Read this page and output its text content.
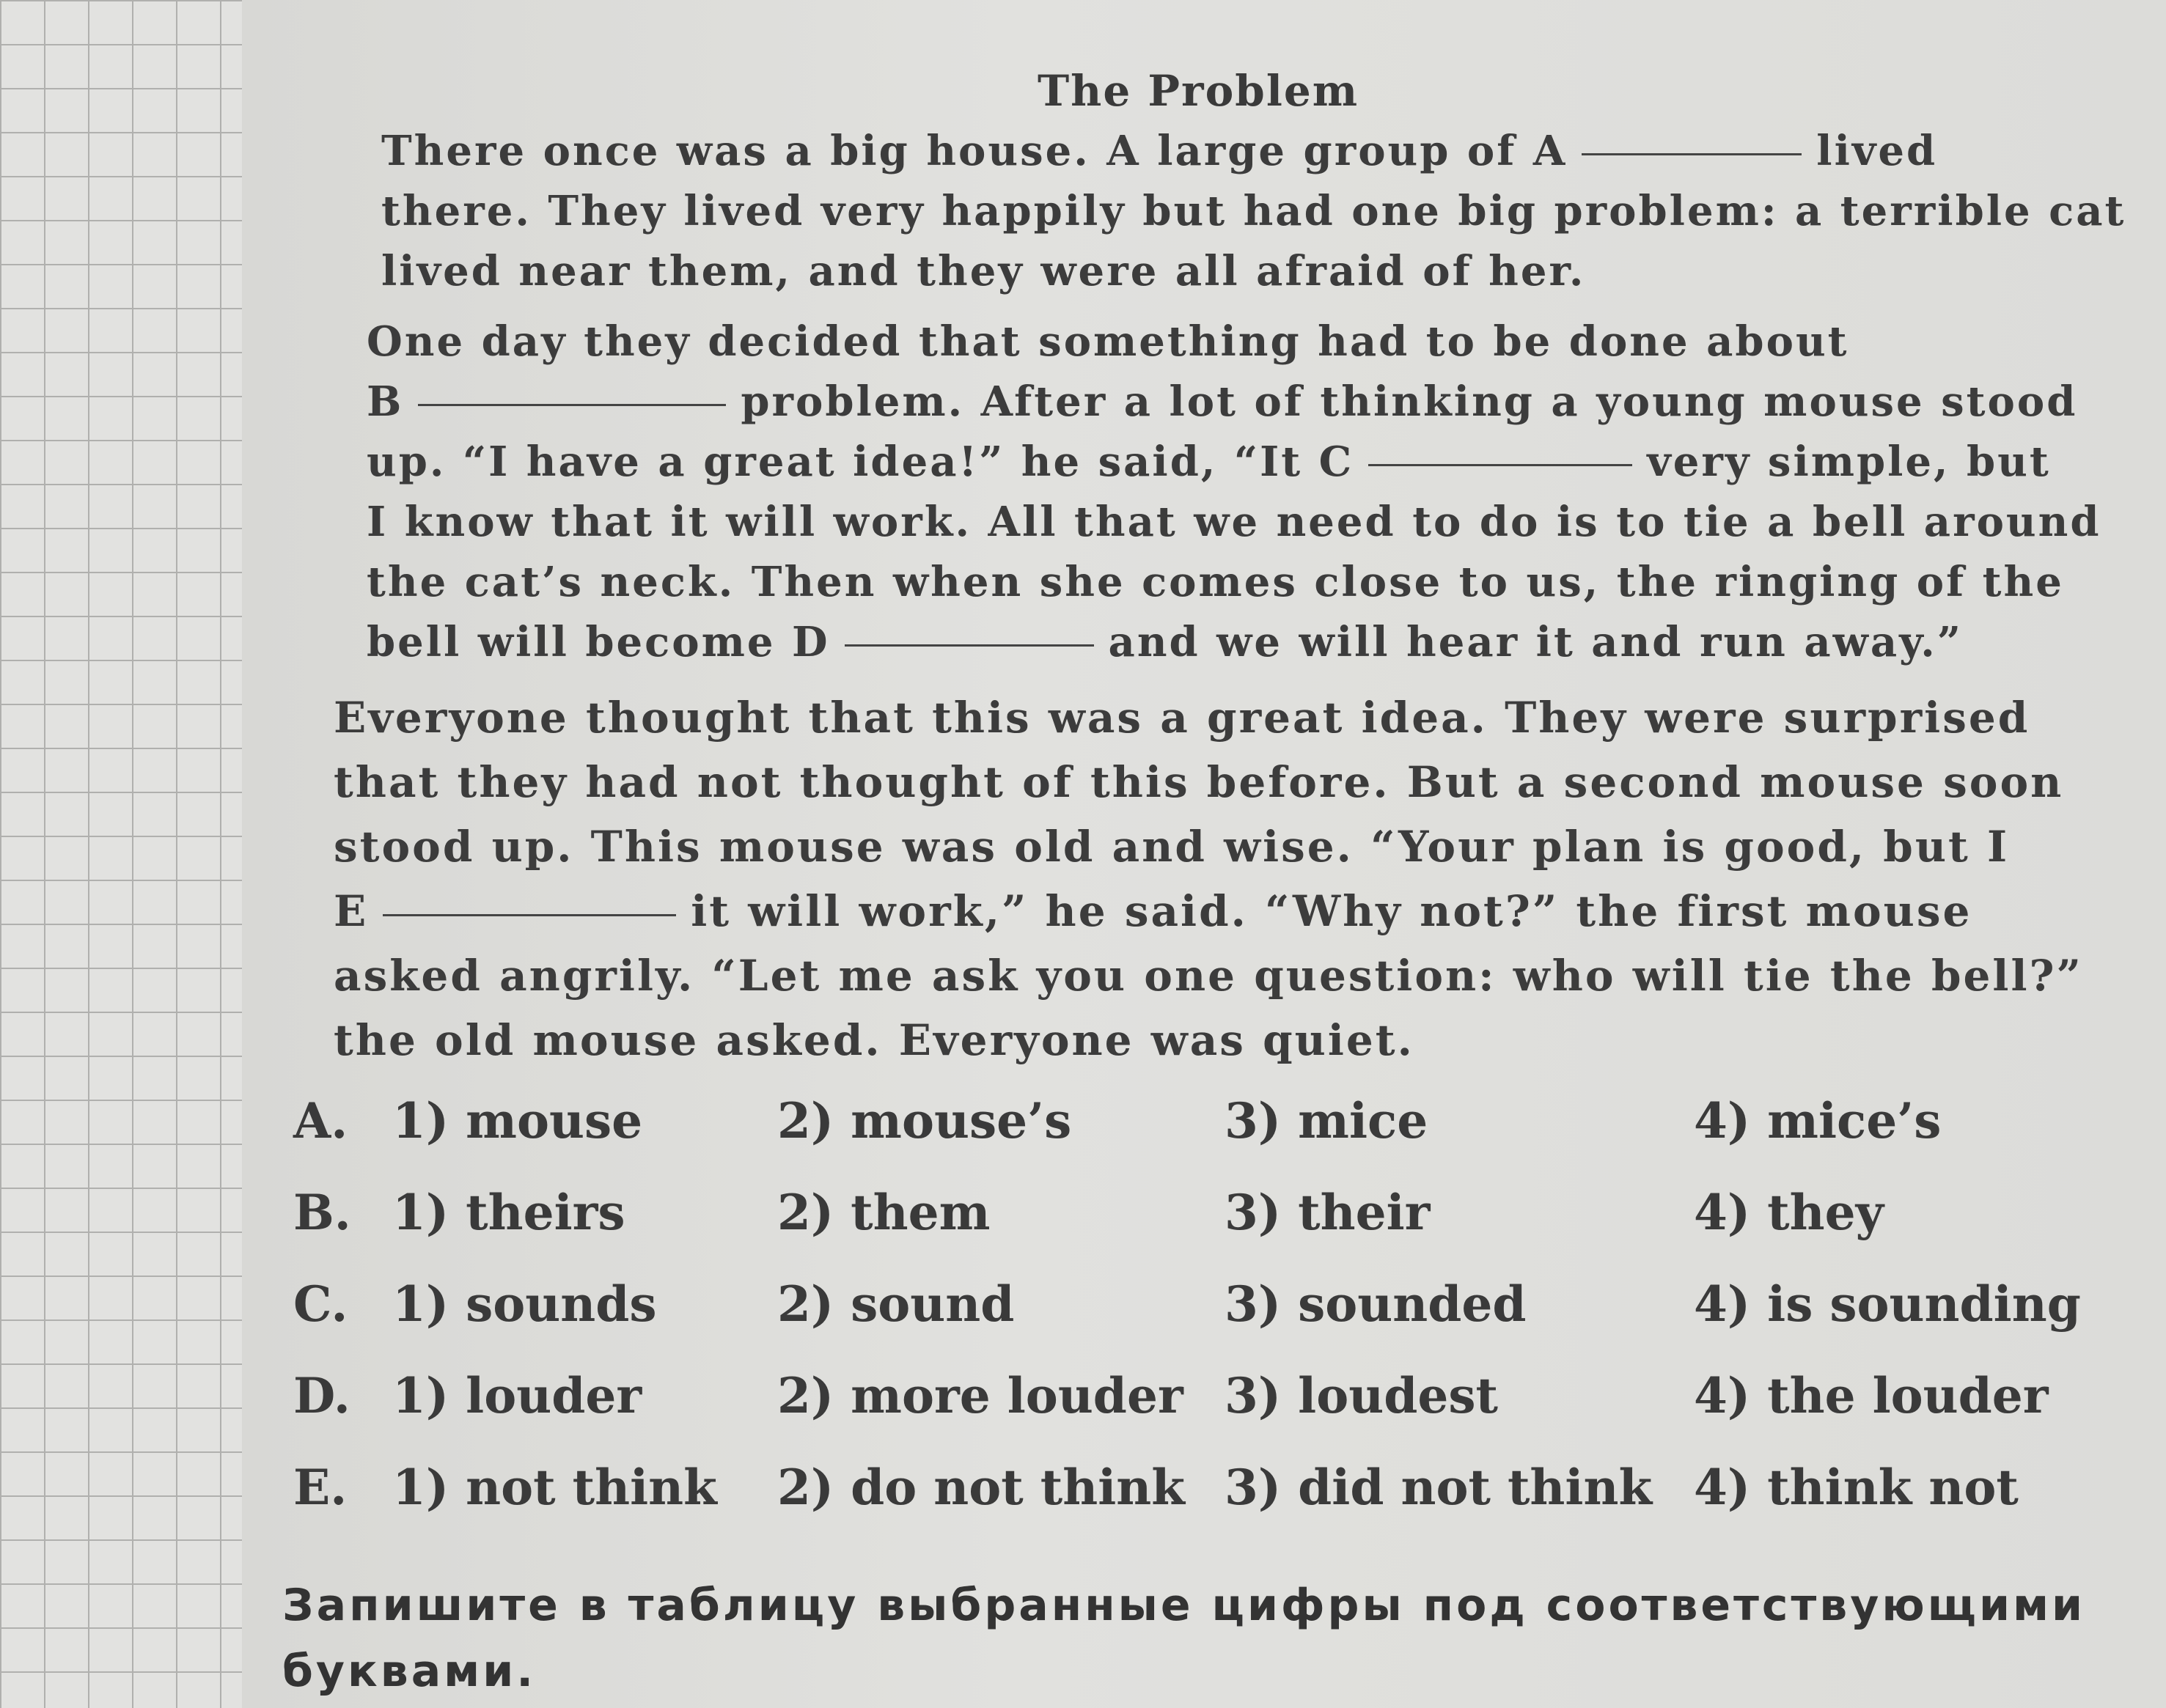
The Problem
There once was a big house. A large group of A	lived
there. They lived very happily but had one big problem: a terrible cat
lived near them, and they were all afraid of her.
One day they decided that something had to be done about
B	problem. After a lot of thinking a young mouse stood
up. “I have a great idea!” he said, “It C	very simple, but
I know that it will work. All that we need to do is to tie a bell around
the cat’s neck. Then when she comes close to us, the ringing of the
bell will become D	and we will hear it and run away.”
Everyone thought that this was a great idea. They were surprised
that they had not thought of this before. But a second mouse soon
stood up. This mouse was old and wise. “Your plan is good, but I
E	it will work,” he said. “Why not?” the first mouse
asked angrily. “Let me ask you one question: who will tie the bell?”
the old mouse asked. Everyone was quiet.
A. 1) mouse	2) mouse’s	3) mice	4) mice’s
B. 1) theirs	2) them	3) their	4) they
C. 1) sounds 2) sound	3) sounded	4) is sounding
D. 1) louder	2) more louder 3) loudest	4) the louder
E. 1) not think 2) do not think 3) did not think 4) think not
Запишите в таблицу выбранные цифры под соответствующими буквами.
